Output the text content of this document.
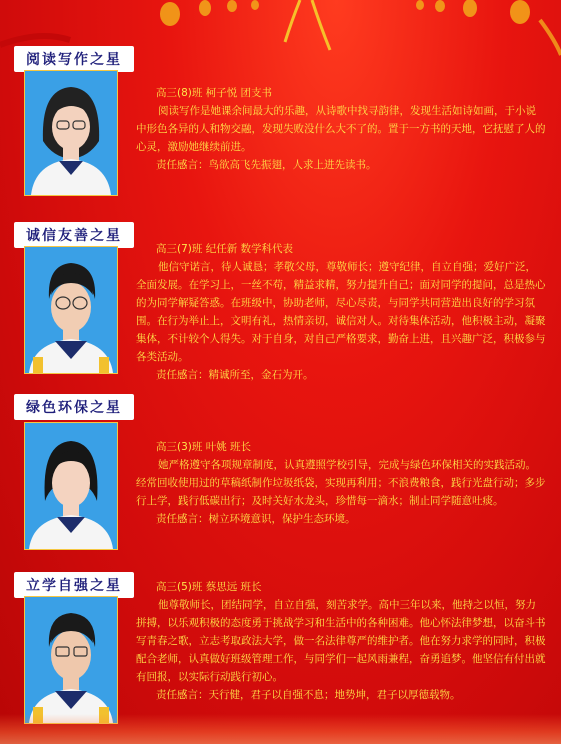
阅读写作之星

高三(8)班 柯子悦 团支书

阅读写作是她课余间最大的乐趣，从诗歌中找寻韵律，发现生活如诗如画，于小说中形色各异的人和物交融，发现失败没什么大不了的。置于一方书的天地，它抚慰了人的心灵，激励她继续前进。

责任感言：鸟欲高飞先振翅，人求上进先读书。

诚信友善之星

高三(7)班 纪任新 数学科代表

他信守诺言，待人诚恳；孝敬父母，尊敬师长；遵守纪律，自立自强；爱好广泛，全面发展。在学习上，一丝不苟，精益求精，努力提升自己；面对同学的提问，总是热心的为同学解疑答惑。在班级中，协助老师，尽心尽责，与同学共同营造出良好的学习氛围。在行为举止上，文明有礼，热情亲切，诚信对人。对待集体活动，他积极主动，凝聚集体，不计较个人得失。对于自身，对自己严格要求，勤奋上进，且兴趣广泛，积极参与各类活动。

责任感言：精诚所至，金石为开。

绿色环保之星

高三(3)班 叶姚 班长

她严格遵守各项规章制度，认真遵照学校引导，完成与绿色环保相关的实践活动。经常回收使用过的草稿纸制作垃圾纸袋，实现再利用；不浪费粮食，践行光盘行动；多步行上学，践行低碳出行；及时关好水龙头，珍惜每一滴水；制止同学随意吐痰。

责任感言：树立环境意识，保护生态环境。

立学自强之星	高三(5)班 蔡思远 班长

他尊敬师长，团结同学，自立自强，刻苦求学。高中三年以来，他持之以恒，努力拼搏，以乐观积极的态度勇于挑战学习和生活中的各种困难。他心怀法律梦想，以奋斗书写青春之歌，立志考取政法大学，做一名法律尊严的维护者。他在努力求学的同时，积极配合老师，认真做好班级管理工作，与同学们一起风雨兼程，奋勇追梦。他坚信有付出就有回报，以实际行动践行初心。

责任感言：天行健，君子以自强不息；地势坤，君子以厚德载物。
